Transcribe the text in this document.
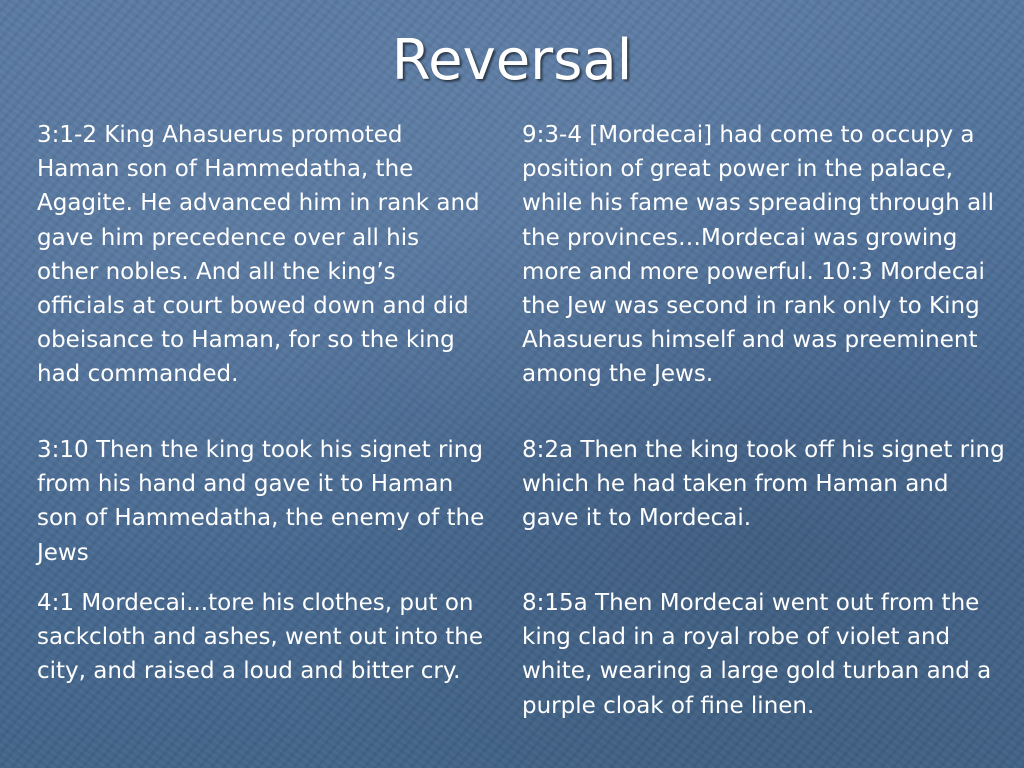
Reversal

3:1-2 King Ahasuerus promoted Haman son of Hammedatha, the Agagite. He advanced him in rank and gave him precedence over all his other nobles. And all the king’s officials at court bowed down and did obeisance to Haman, for so the king had commanded.

9:3-4 [Mordecai] had come to occupy a position of great power in the palace, while his fame was spreading through all the provinces…Mordecai was growing more and more powerful. 10:3 Mordecai the Jew was second in rank only to King Ahasuerus himself and was preeminent among the Jews.

3:10 Then the king took his signet ring from his hand and gave it to Haman son of Hammedatha, the enemy of the Jews

8:2a Then the king took off his signet ring which he had taken from Haman and gave it to Mordecai.

4:1 Mordecai...tore his clothes, put on sackcloth and ashes, went out into the city, and raised a loud and bitter cry.

8:15a Then Mordecai went out from the king clad in a royal robe of violet and white, wearing a large gold turban and a purple cloak of fine linen.
